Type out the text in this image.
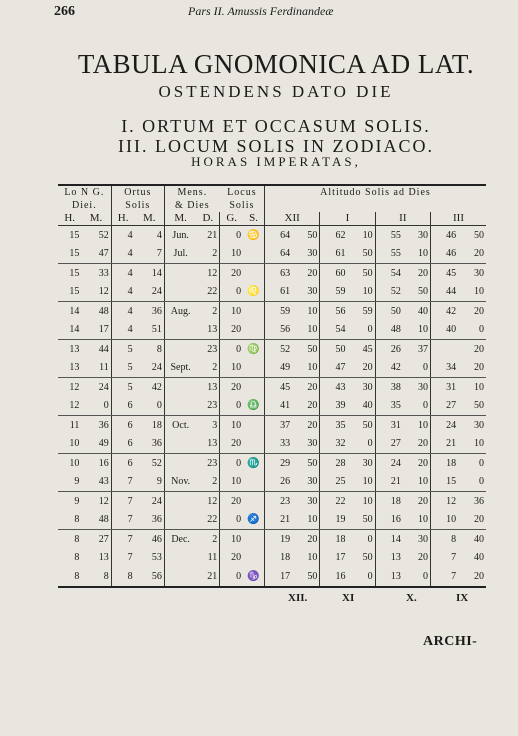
266	Pars II. Amussis Ferdinandeæ
TABULA GNOMONICA AD LAT.
OSTENDENS DATO DIE
I. ORTUM ET OCCASUM SOLIS.
III. LOCUM SOLIS IN ZODIACO.
HORAS IMPERATAS,
Lo N G.		Ortus		Mens.		Locus		Altitudo Solis ad Dies							
Diei.		Solis		& Dies		Solis									
H.	M.	H.	M.	M.	D.	G.	S.	XII		I		II		III	
15	52	4	4	Jun.	21	0	♋	64	50	62	10	55	30	46	50
15	47	4	7	Jul.	2	10		64	30	61	50	55	10	46	20
15	33	4	14		12	20		63	20	60	50	54	20	45	30
15	12	4	24		22	0	♌	61	30	59	10	52	50	44	10
14	48	4	36	Aug.	2	10		59	10	56	59	50	40	42	20
14	17	4	51		13	20		56	10	54	0	48	10	40	0
13	44	5	8		23	0	♍	52	50	50	45	26	37		20
13	11	5	24	Sept.	2	10		49	10	47	20	42	0	34	20
12	24	5	42		13	20		45	20	43	30	38	30	31	10
12	0	6	0		23	0	♎	41	20	39	40	35	0	27	50
11	36	6	18	Oct.	3	10		37	20	35	50	31	10	24	30
10	49	6	36		13	20		33	30	32	0	27	20	21	10
10	16	6	52		23	0	♏	29	50	28	30	24	20	18	0
9	43	7	9	Nov.	2	10		26	30	25	10	21	10	15	0
9	12	7	24		12	20		23	30	22	10	18	20	12	36
8	48	7	36		22	0	♐	21	10	19	50	16	10	10	20
8	27	7	46	Dec.	2	10		19	20	18	0	14	30	8	40
8	13	7	53		11	20		18	10	17	50	13	20	7	40
8	8	8	56		21	0	♑	17	50	16	0	13	0	7	20
XII.	XI	X.	IX
ARCHI-
